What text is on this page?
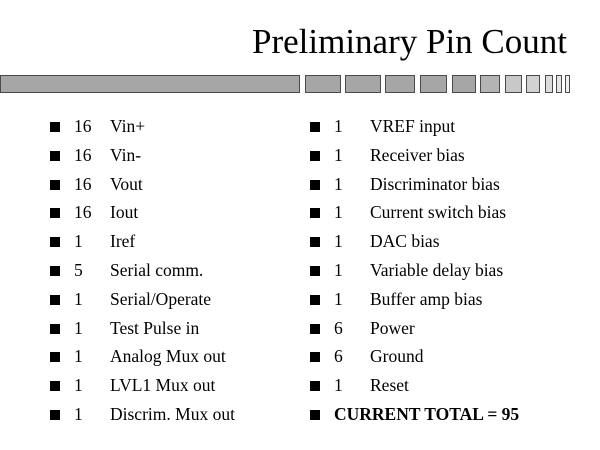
Preliminary Pin Count
16 Vin+
16 Vin-
16 Vout
16 Iout
1 Iref
5 Serial comm.
1 Serial/Operate
1 Test Pulse in
1 Analog Mux out
1 LVL1 Mux out
1 Discrim. Mux out
1 VREF input
1 Receiver bias
1 Discriminator bias
1 Current switch bias
1 DAC bias
1 Variable delay bias
1 Buffer amp bias
6 Power
6 Ground
1 Reset
CURRENT TOTAL = 95
